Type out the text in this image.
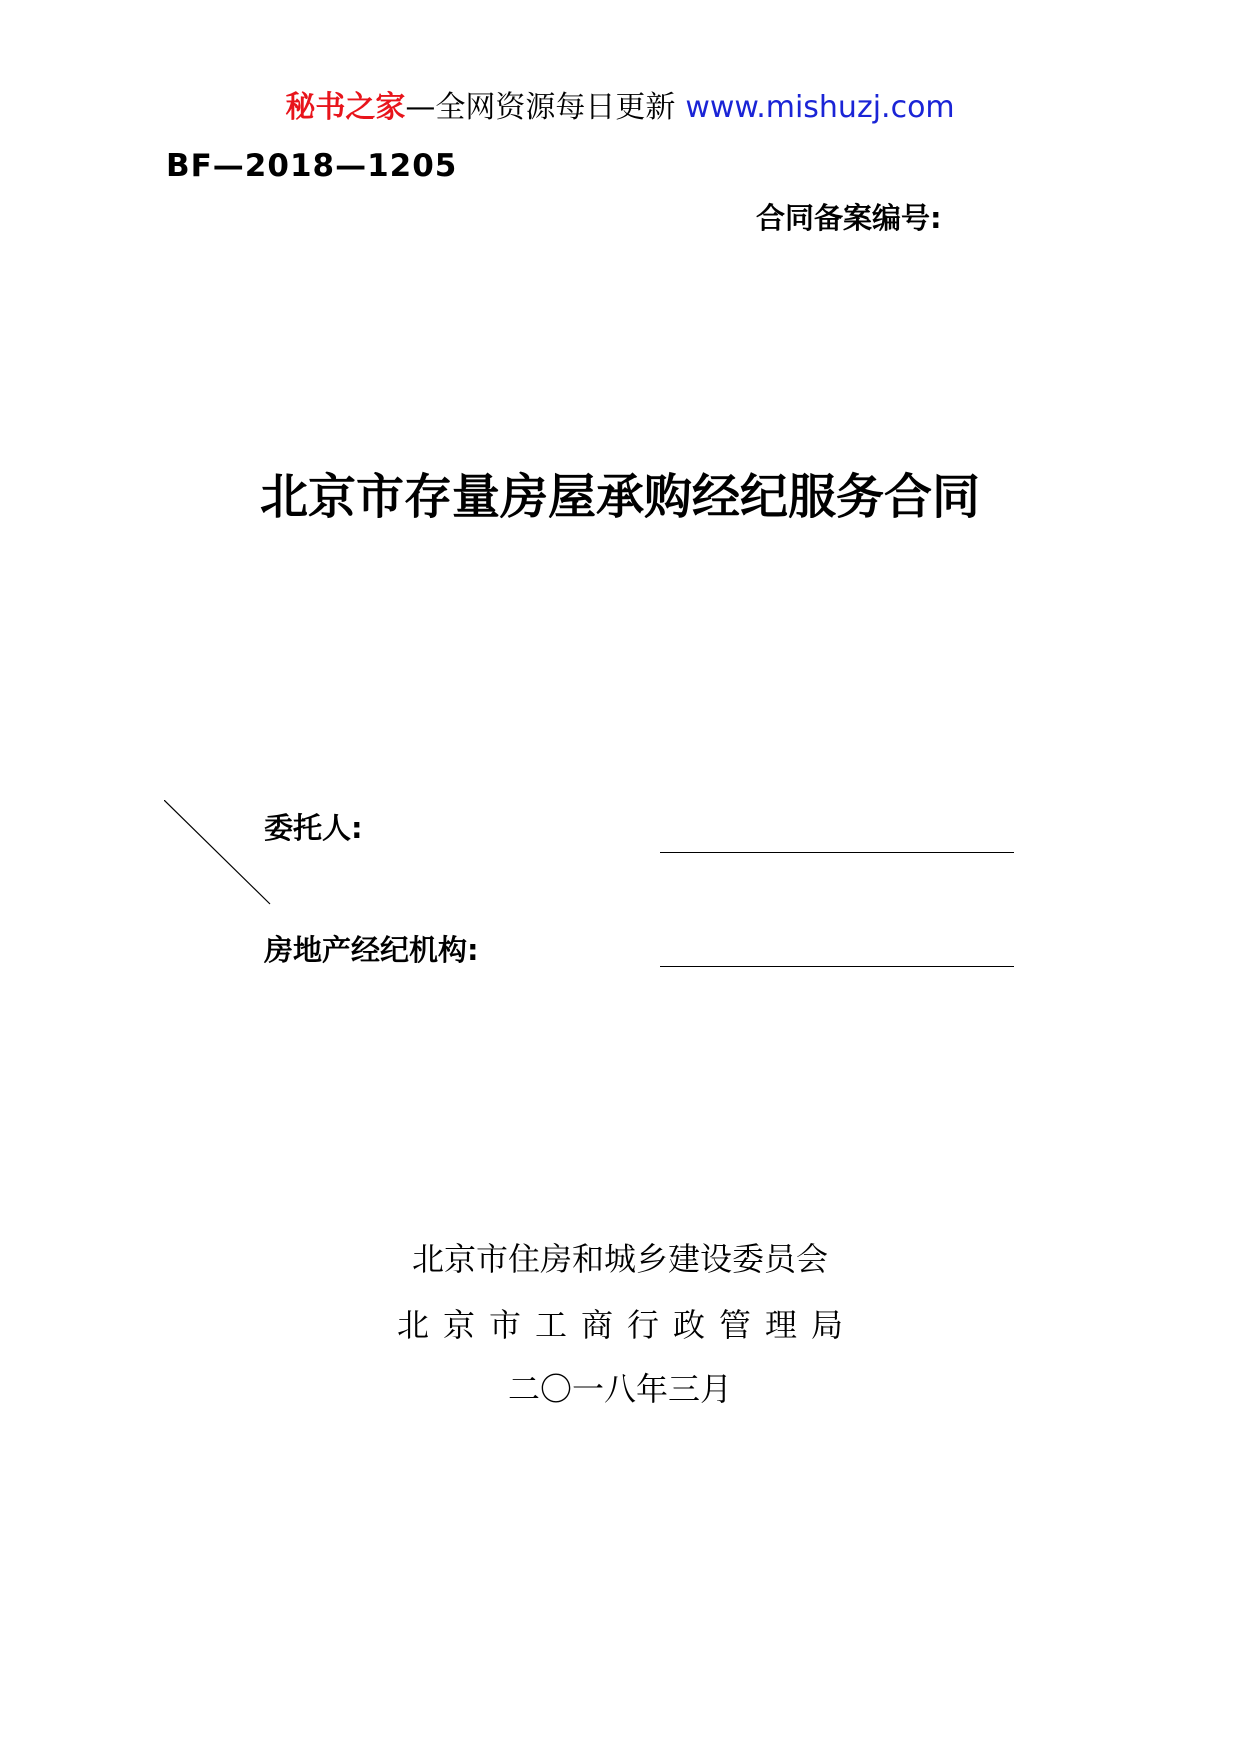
秘书之家—全网资源每日更新 www.mishuzj.com
BF—2018—1205
合同备案编号:
北京市存量房屋承购经纪服务合同
委托人:
房地产经纪机构:
北京市住房和城乡建设委员会
北京市工商行政管理局
二〇一八年三月
